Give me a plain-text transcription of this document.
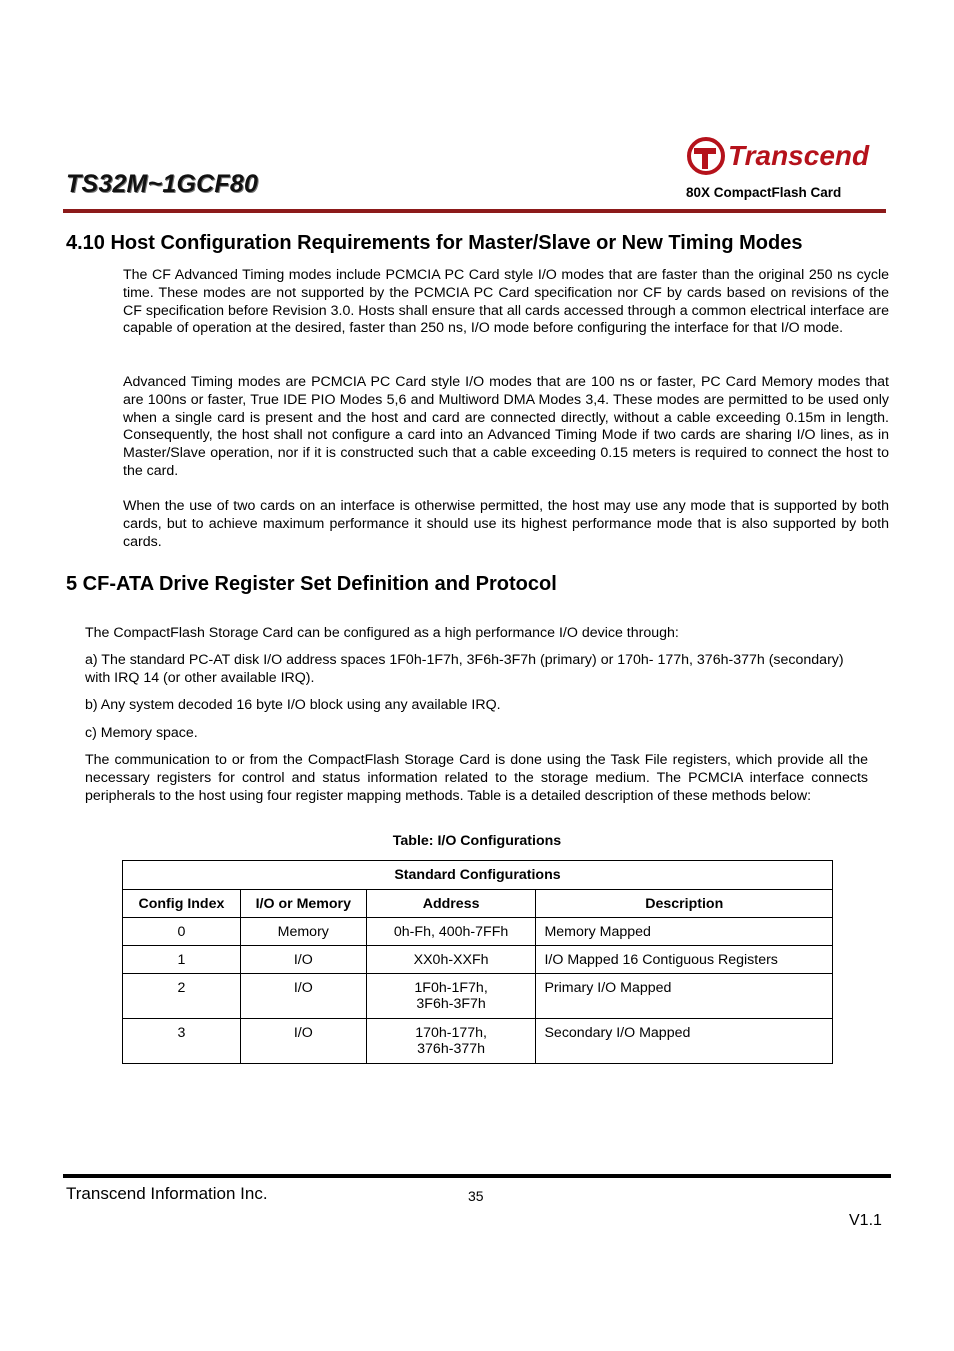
Transcend
TS32M~1GCF80	80X CompactFlash Card
4.10 Host Configuration Requirements for Master/Slave or New Timing Modes
The CF Advanced Timing modes include PCMCIA PC Card style I/O modes that are faster than the original 250 ns cycle time. These modes are not supported by the PCMCIA PC Card specification nor CF by cards based on revisions of the CF specification before Revision 3.0. Hosts shall ensure that all cards accessed through a common electrical interface are capable of operation at the desired, faster than 250 ns, I/O mode before configuring the interface for that I/O mode.
Advanced Timing modes are PCMCIA PC Card style I/O modes that are 100 ns or faster, PC Card Memory modes that are 100ns or faster, True IDE PIO Modes 5,6 and Multiword DMA Modes 3,4. These modes are permitted to be used only when a single card is present and the host and card are connected directly, without a cable exceeding 0.15m in length. Consequently, the host shall not configure a card into an Advanced Timing Mode if two cards are sharing I/O lines, as in Master/Slave operation, nor if it is constructed such that a cable exceeding 0.15 meters is required to connect the host to the card.
When the use of two cards on an interface is otherwise permitted, the host may use any mode that is supported by both cards, but to achieve maximum performance it should use its highest performance mode that is also supported by both cards.
5 CF-ATA Drive Register Set Definition and Protocol
The CompactFlash Storage Card can be configured as a high performance I/O device through:
a) The standard PC-AT disk I/O address spaces 1F0h-1F7h, 3F6h-3F7h (primary) or 170h- 177h, 376h-377h (secondary) with IRQ 14 (or other available IRQ).
b) Any system decoded 16 byte I/O block using any available IRQ.
c) Memory space.
The communication to or from the CompactFlash Storage Card is done using the Task File registers, which provide all the necessary registers for control and status information related to the storage medium. The PCMCIA interface connects peripherals to the host using four register mapping methods. Table is a detailed description of these methods below:
Table: I/O Configurations
Standard Configurations			
Config Index	I/O or Memory	Address	Description
0	Memory	0h-Fh, 400h-7FFh	Memory Mapped
1	I/O	XX0h-XXFh	I/O Mapped 16 Contiguous Registers
2	I/O	1F0h-1F7h,
3F6h-3F7h	Primary I/O Mapped
3	I/O	170h-177h,
376h-377h	Secondary I/O Mapped
Transcend Information Inc.	35
V1.1
